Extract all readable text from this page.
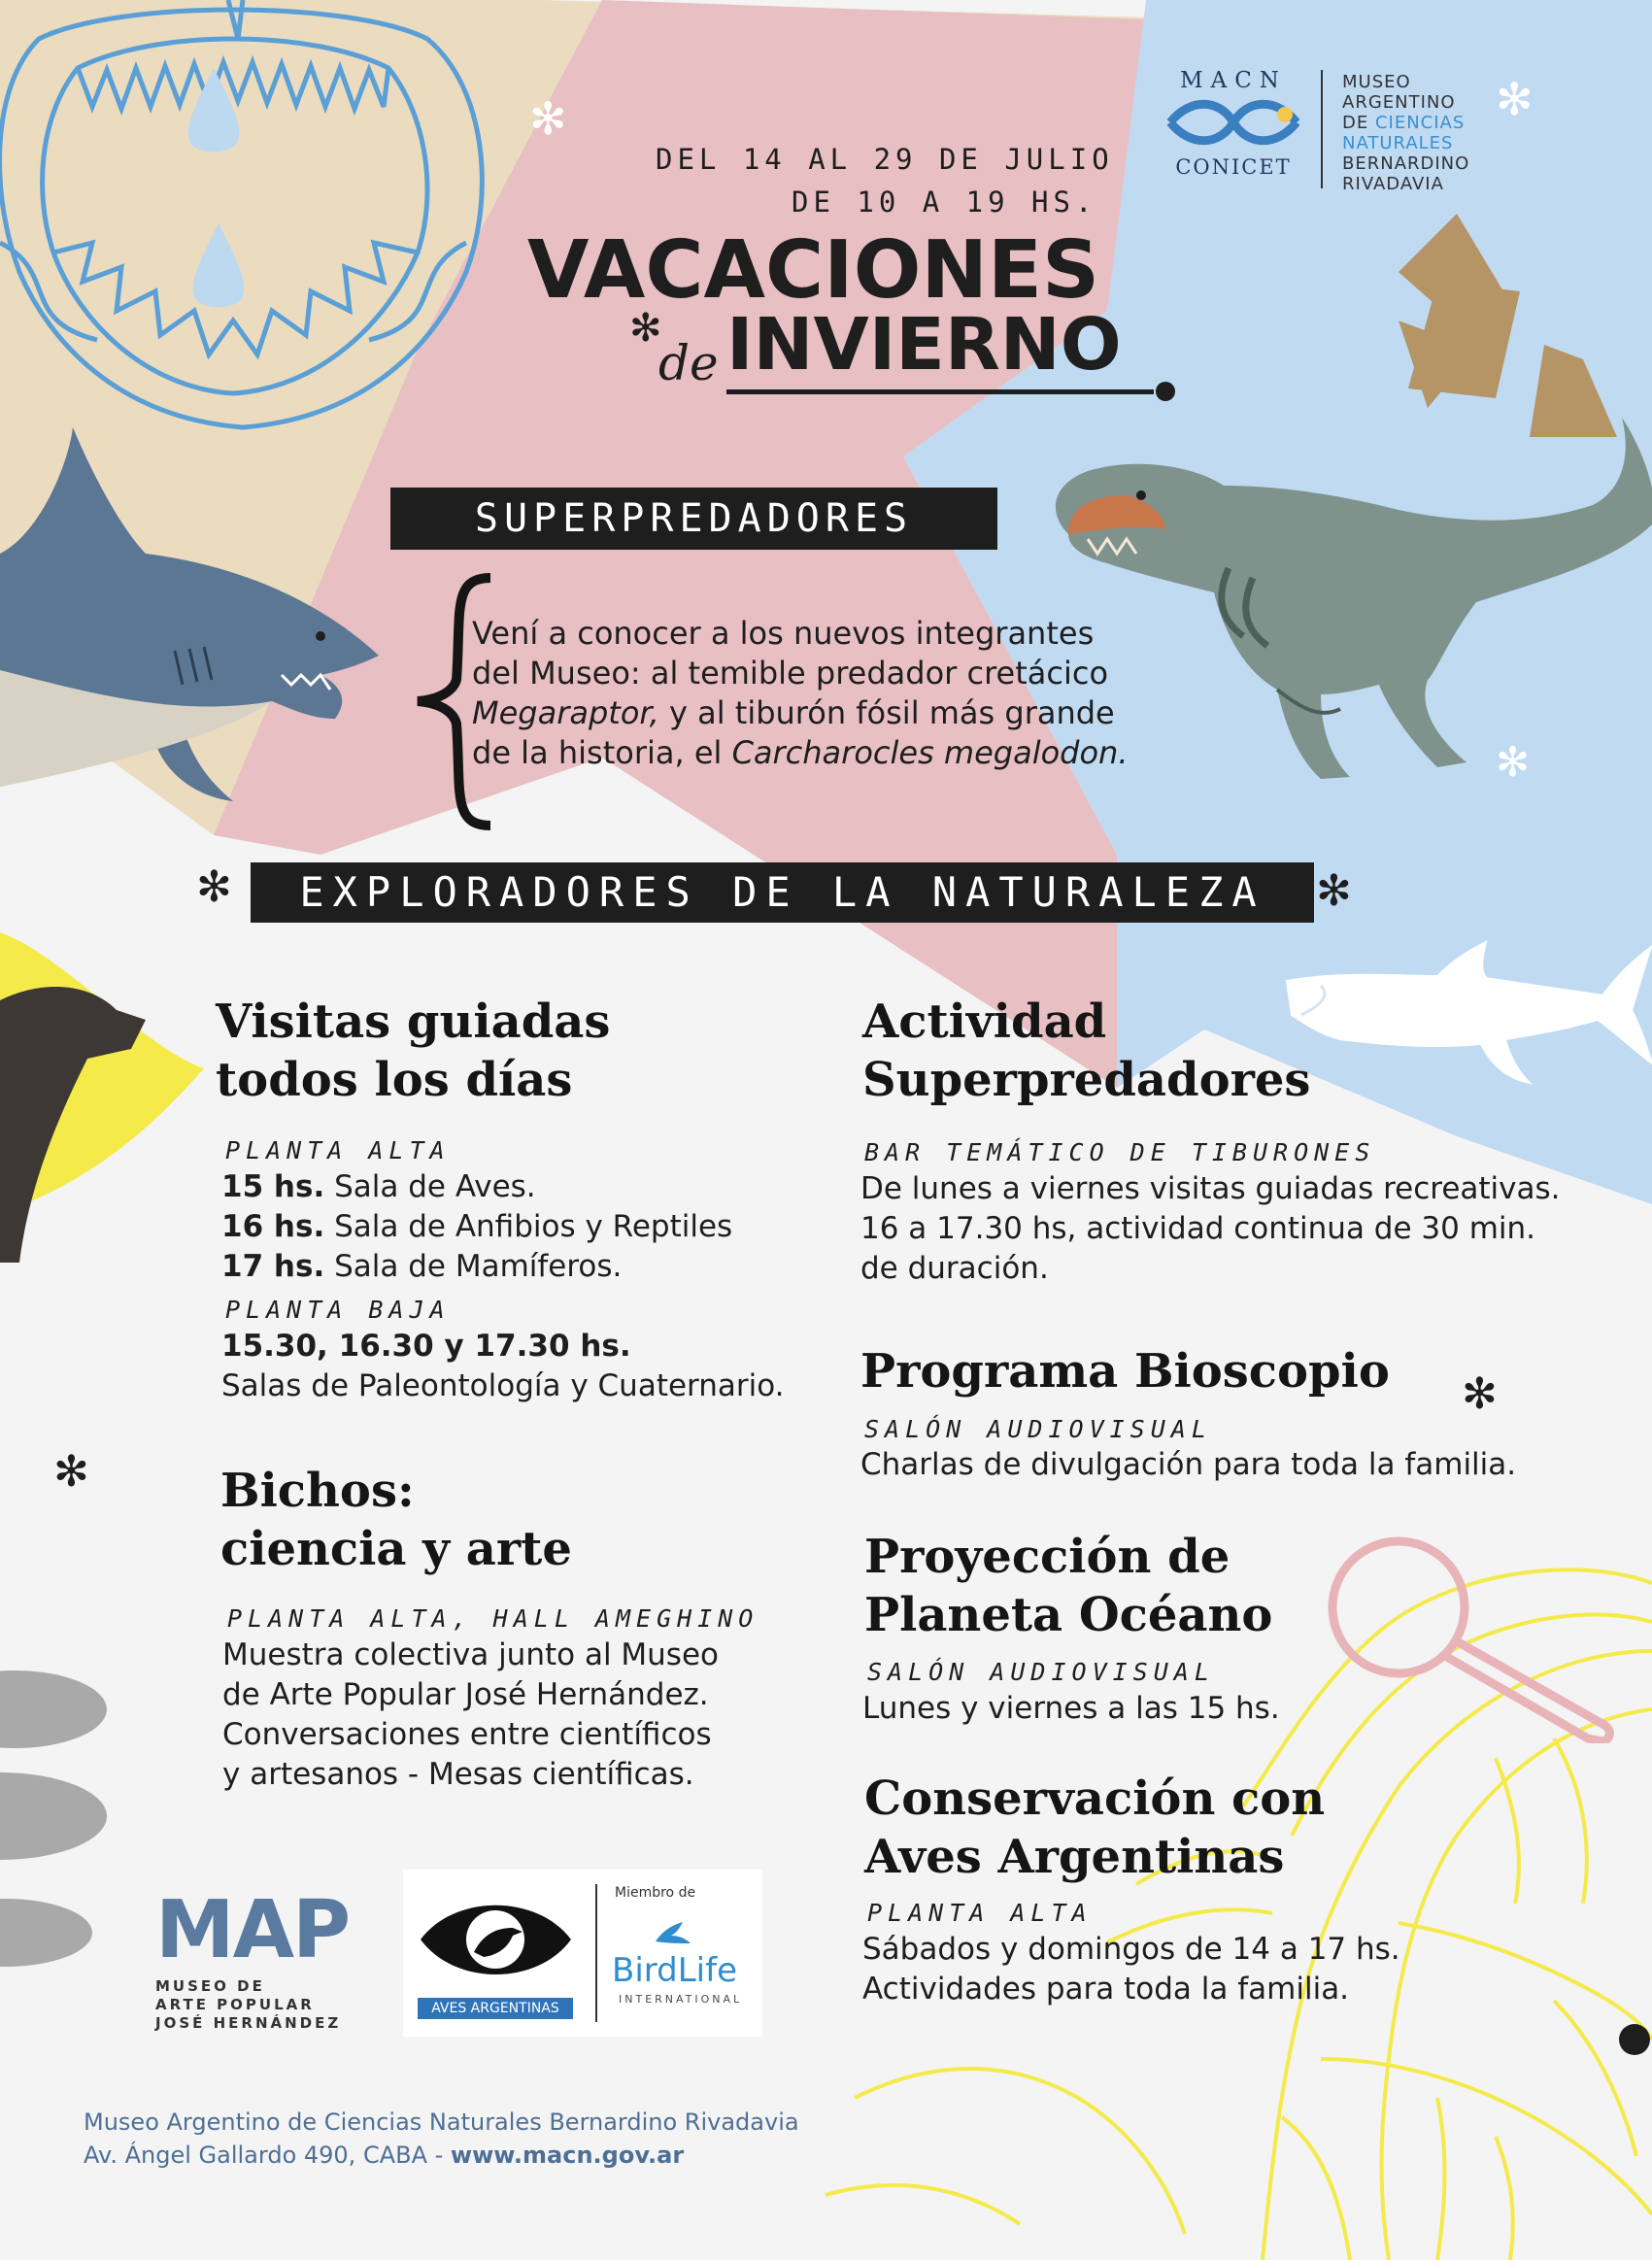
✻	✻
✻
✻
✻
✻	✻
MACN
CONICET
MUSEO
ARGENTINO
DE CIENCIAS
NATURALES
BERNARDINO
RIVADAVIA
DEL 14 AL 29 DE JULIO
DE 10 A 19 HS.
VACACIONES
✻
de INVIERNO
SUPERPREDADORES
Vení a conocer a los nuevos integrantes
del Museo: al temible predador cretácico
Megaraptor, y al tiburón fósil más grande
de la historia, el Carcharocles megalodon.
EXPLORADORES DE LA NATURALEZA
Visitas guiadas
todos los días
PLANTA ALTA
15 hs. Sala de Aves.
16 hs. Sala de Anfibios y Reptiles
17 hs. Sala de Mamíferos.
PLANTA BAJA
15.30, 16.30 y 17.30 hs.
Salas de Paleontología y Cuaternario.
Bichos:
ciencia y arte
PLANTA ALTA, HALL AMEGHINO
Muestra colectiva junto al Museo
de Arte Popular José Hernández.
Conversaciones entre científicos
y artesanos - Mesas científicas.
Actividad
Superpredadores
BAR TEMÁTICO DE TIBURONES
De lunes a viernes visitas guiadas recreativas.
16 a 17.30 hs, actividad continua de 30 min.
de duración.
Programa Bioscopio
SALÓN AUDIOVISUAL
Charlas de divulgación para toda la familia.
Proyección de
Planeta Océano
SALÓN AUDIOVISUAL
Lunes y viernes a las 15 hs.
Conservación con
Aves Argentinas
PLANTA ALTA
Sábados y domingos de 14 a 17 hs.
Actividades para toda la familia.
MAP
MUSEO DE
ARTE POPULAR
JOSÉ HERNÁNDEZ
AVES ARGENTINAS
Miembro de
BirdLife
INTERNATIONAL
Museo Argentino de Ciencias Naturales Bernardino Rivadavia
Av. Ángel Gallardo 490, CABA - www.macn.gov.ar
